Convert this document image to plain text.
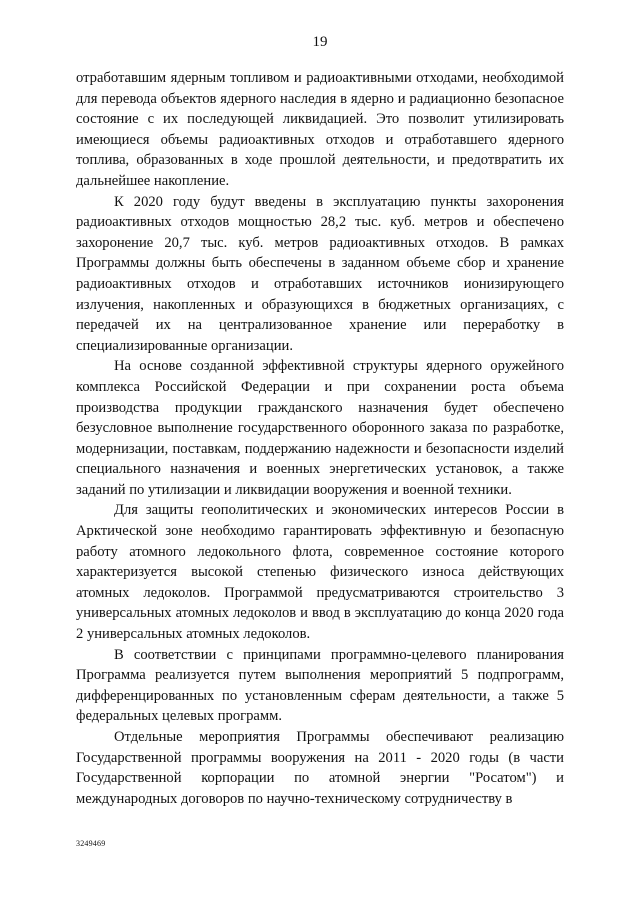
19

отработавшим ядерным топливом и радиоактивными отходами, необходимой для перевода объектов ядерного наследия в ядерно и радиационно безопасное состояние с их последующей ликвидацией. Это позволит утилизировать имеющиеся объемы радиоактивных отходов и отработавшего ядерного топлива, образованных в ходе прошлой деятельности, и предотвратить их дальнейшее накопление.

К 2020 году будут введены в эксплуатацию пункты захоронения радиоактивных отходов мощностью 28,2 тыс. куб. метров и обеспечено захоронение 20,7 тыс. куб. метров радиоактивных отходов. В рамках Программы должны быть обеспечены в заданном объеме сбор и хранение радиоактивных отходов и отработавших источников ионизирующего излучения, накопленных и образующихся в бюджетных организациях, с передачей их на централизованное хранение или переработку в специализированные организации.

На основе созданной эффективной структуры ядерного оружейного комплекса Российской Федерации и при сохранении роста объема производства продукции гражданского назначения будет обеспечено безусловное выполнение государственного оборонного заказа по разработке, модернизации, поставкам, поддержанию надежности и безопасности изделий специального назначения и военных энергетических установок, а также заданий по утилизации и ликвидации вооружения и военной техники.

Для защиты геополитических и экономических интересов России в Арктической зоне необходимо гарантировать эффективную и безопасную работу атомного ледокольного флота, современное состояние которого характеризуется высокой степенью физического износа действующих атомных ледоколов. Программой предусматриваются строительство 3 универсальных атомных ледоколов и ввод в эксплуатацию до конца 2020 года 2 универсальных атомных ледоколов.

В соответствии с принципами программно-целевого планирования Программа реализуется путем выполнения мероприятий 5 подпрограмм, дифференцированных по установленным сферам деятельности, а также 5 федеральных целевых программ.

Отдельные мероприятия Программы обеспечивают реализацию Государственной программы вооружения на 2011 - 2020 годы (в части Государственной корпорации по атомной энергии "Росатом") и международных договоров по научно-техническому сотрудничеству в

3249469
